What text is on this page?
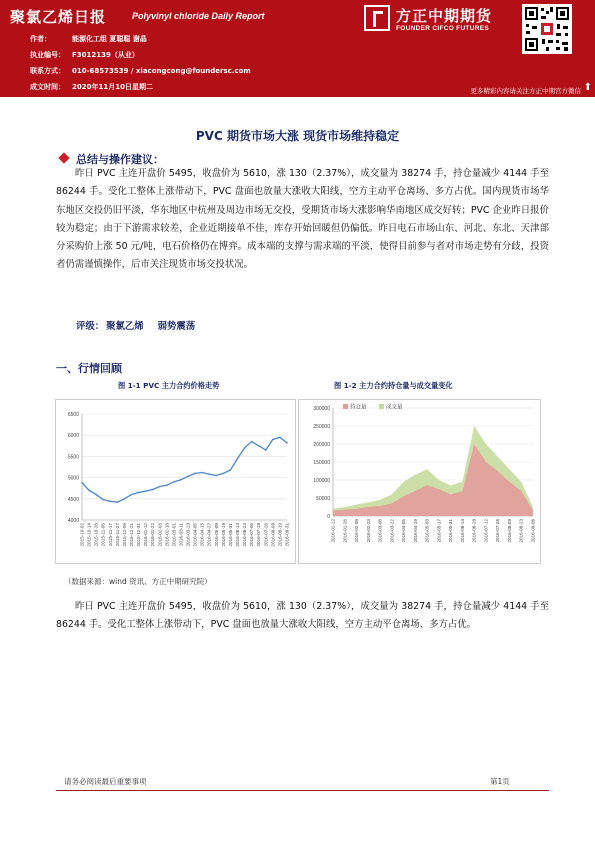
聚氯乙烯日报	Polyvinyl chloride Daily Report
作者：	能源化工组 夏聪聪 谢晶
执业编号： F3012139（从业）
联系方式： 010-68573539 / xiacongcong@foundersc.com
成文时间： 2020年11月10日星期二
方正中期期货
FOUNDER CIFCO FUTURES
更多精彩内容请关注方正中期官方微信 ⬆
PVC 期货市场大涨 现货市场维持稳定
总结与操作建议：
昨日 PVC 主连开盘价 5495，收盘价为 5610，涨 130（2.37%），成交量为 38274 手，持仓量减少 4144 手至 86244 手。受化工整体上涨带动下，PVC 盘面也放量大涨收大阳线，空方主动平仓离场、多方占优。国内现货市场华东地区交投仍旧平淡，华东地区中杭州及周边市场无交投，受期货市场大涨影响华南地区成交好转；PVC 企业昨日报价较为稳定；由于下游需求较差，企业近期接单不佳，库存开始回暖但仍偏低。昨日电石市场山东、河北、东北、天津部分采购价上涨 50 元/吨，电石价格仍在博弈。成本端的支撑与需求端的平淡，使得目前参与者对市场走势有分歧，投资者仍需谨慎操作，后市关注现货市场交投状况。
评级： 聚氯乙烯 弱势震荡
一、行情回顾
图 1-1 PVC 主力合约价格走势	图 1-2 主力合约持仓量与成交量变化
4000
4500
5000
5500
6000
6500
2015-10-02 2015-10-14 2015-10-26 2015-11-05 2015-11-17 2015-11-27 2015-12-09 2015-12-21 2015-12-31 2016-01-12 2016-01-22 2016-02-03 2016-02-18 2016-03-01 2016-03-11 2016-03-23 2016-04-05 2016-04-15 2016-04-27 2016-05-09 2016-05-19 2016-05-31 2016-06-14 2016-06-24 2016-07-06 2016-07-18 2016-07-28 2016-08-09 2016-08-19 2016-08-31
0
50000
100000
150000
200000
250000
300000
2016-01-12 2016-01-26 2016-02-09 2016-02-23 2016-03-08 2016-03-22 2016-04-05 2016-04-19 2016-05-03 2016-05-17 2016-05-31 2016-06-14 2016-06-28 2016-07-12 2016-07-26 2016-08-09 2016-08-23 2016-09-06
持仓量	成交量
（数据来源：wind 资讯、方正中期研究院）
昨日 PVC 主连开盘价 5495，收盘价为 5610，涨 130（2.37%），成交量为 38274 手，持仓量减少 4144 手至 86244 手。受化工整体上涨带动下，PVC 盘面也放量大涨收大阳线，空方主动平仓离场、多方占优。
请务必阅读最后重要事项	第1页
